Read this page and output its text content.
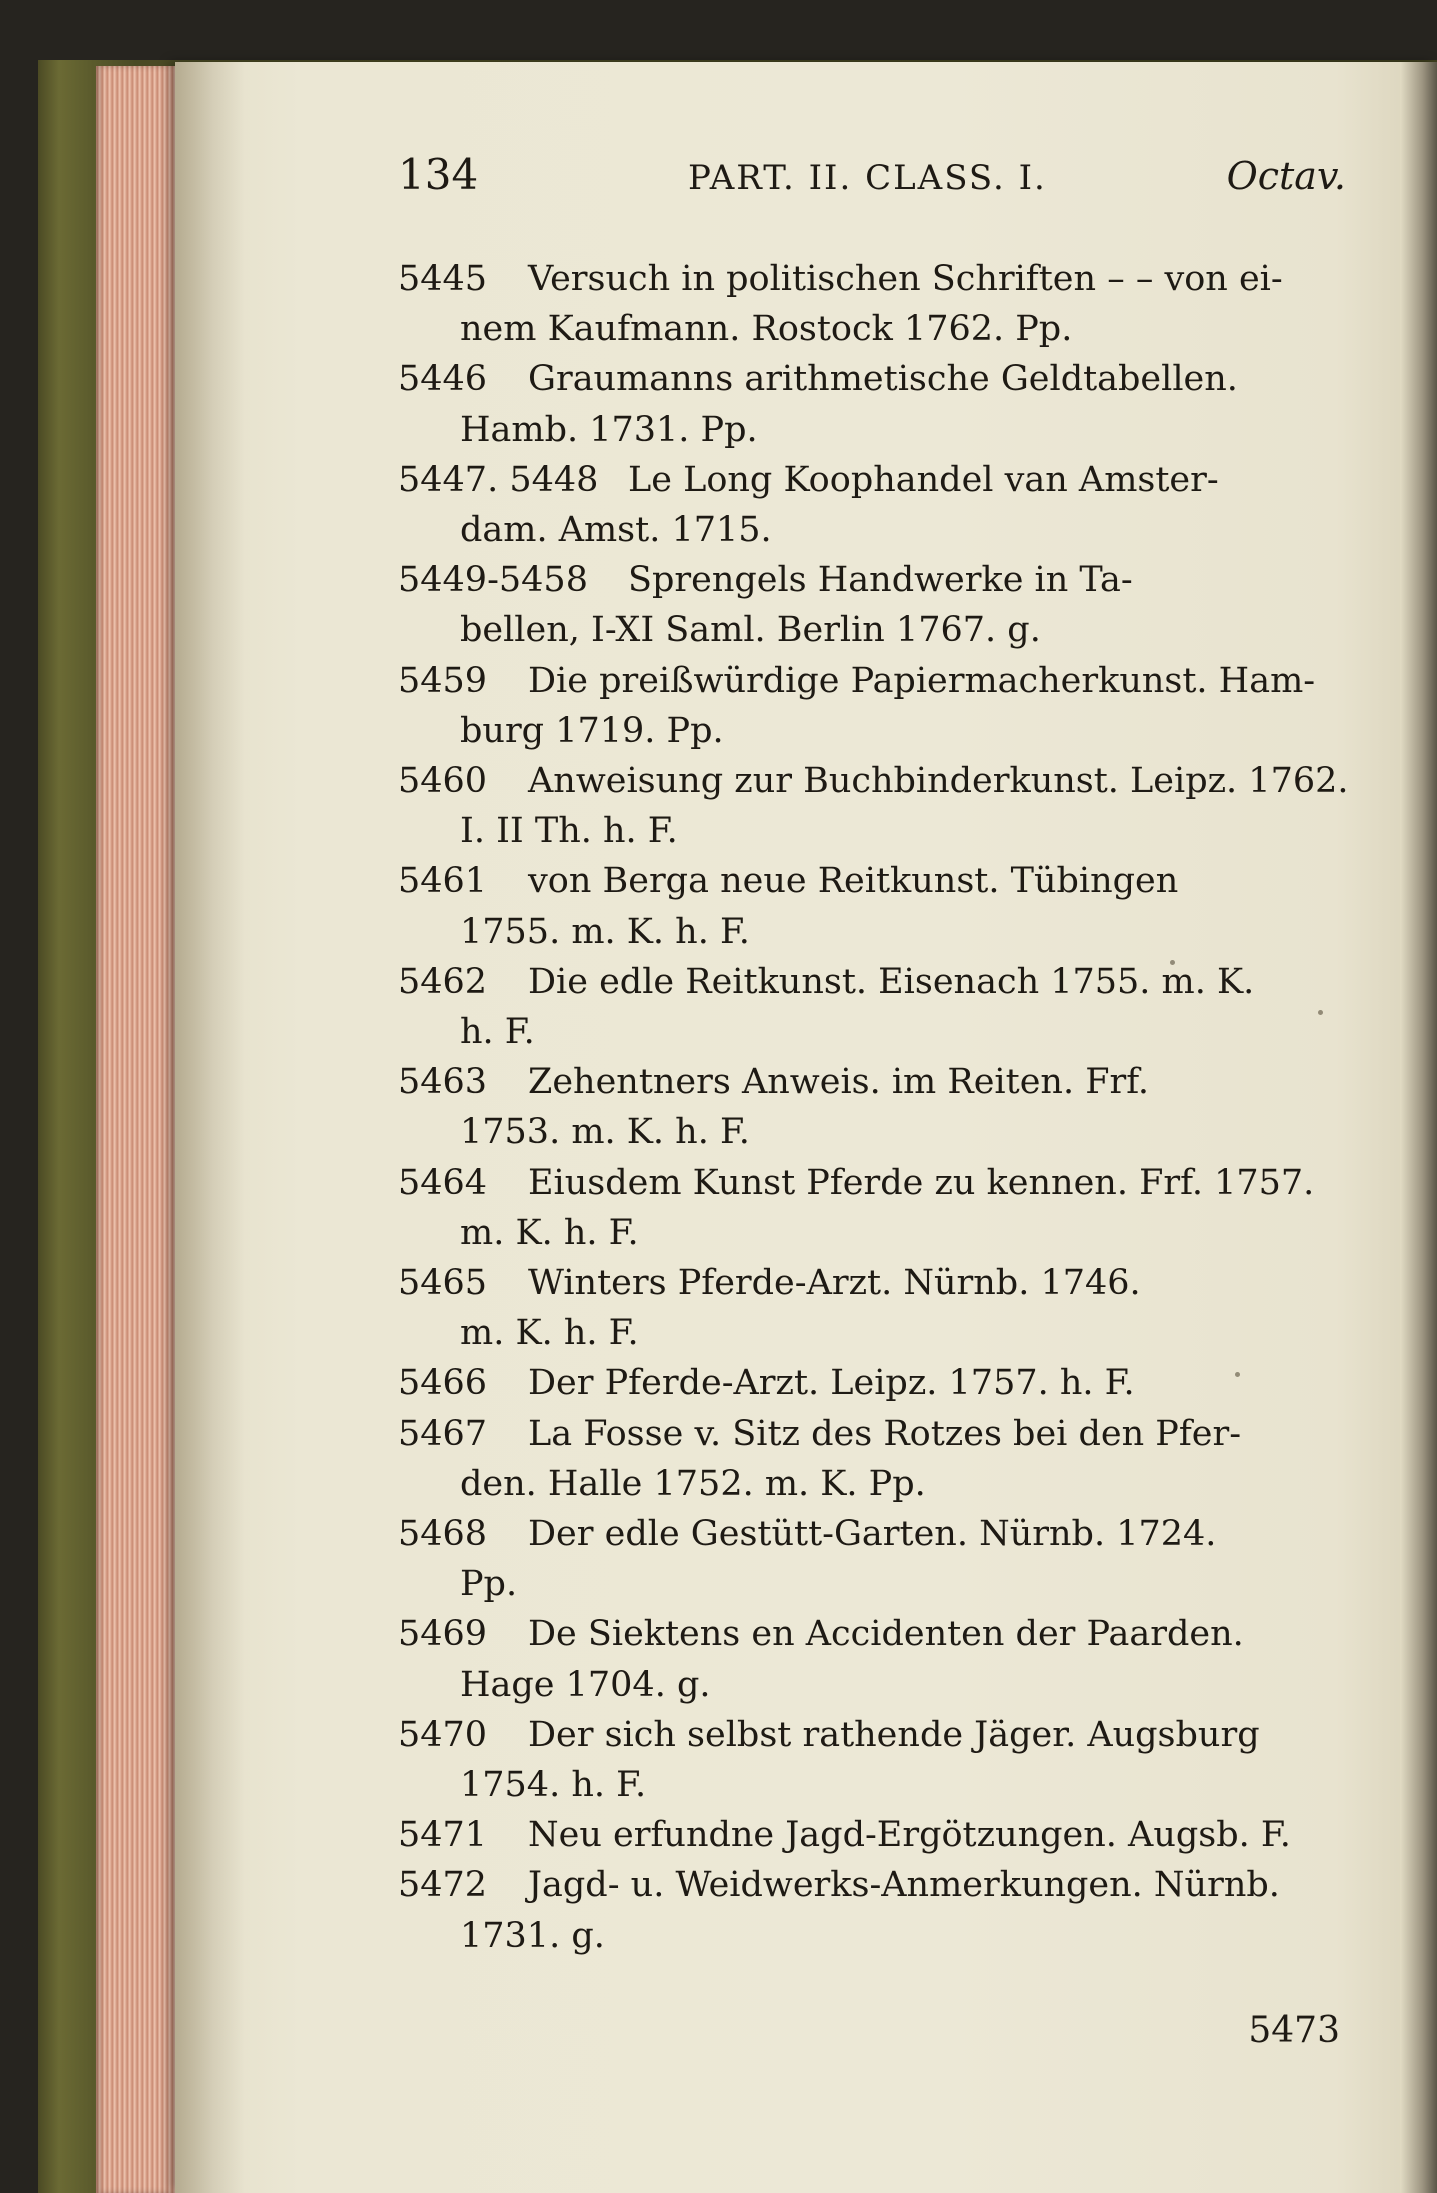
134	PART. II. CLASS. I.	Octav.
5445 Versuch in politischen Schriften – – von ei-
nem Kaufmann. Rostock 1762. Pp.
5446 Graumanns arithmetische Geldtabellen.
Hamb. 1731. Pp.
5447. 5448 Le Long Koophandel van Amster-
dam. Amst. 1715.
5449-5458 Sprengels Handwerke in Ta-
bellen, I-XI Saml. Berlin 1767. g.
5459 Die preißwürdige Papiermacherkunst. Ham-
burg 1719. Pp.
5460 Anweisung zur Buchbinderkunst. Leipz. 1762.
I. II Th. h. F.
5461 von Berga neue Reitkunst. Tübingen
1755. m. K. h. F.
5462 Die edle Reitkunst. Eisenach 1755. m. K.
h. F.
5463 Zehentners Anweis. im Reiten. Frf.
1753. m. K. h. F.
5464 Eiusdem Kunst Pferde zu kennen. Frf. 1757.
m. K. h. F.
5465 Winters Pferde-Arzt. Nürnb. 1746.
m. K. h. F.
5466 Der Pferde-Arzt. Leipz. 1757. h. F.
5467 La Fosse v. Sitz des Rotzes bei den Pfer-
den. Halle 1752. m. K. Pp.
5468 Der edle Gestütt-Garten. Nürnb. 1724.
Pp.
5469 De Siektens en Accidenten der Paarden.
Hage 1704. g.
5470 Der sich selbst rathende Jäger. Augsburg
1754. h. F.
5471 Neu erfundne Jagd-Ergötzungen. Augsb. F.
5472 Jagd- u. Weidwerks-Anmerkungen. Nürnb.
1731. g.
5473
